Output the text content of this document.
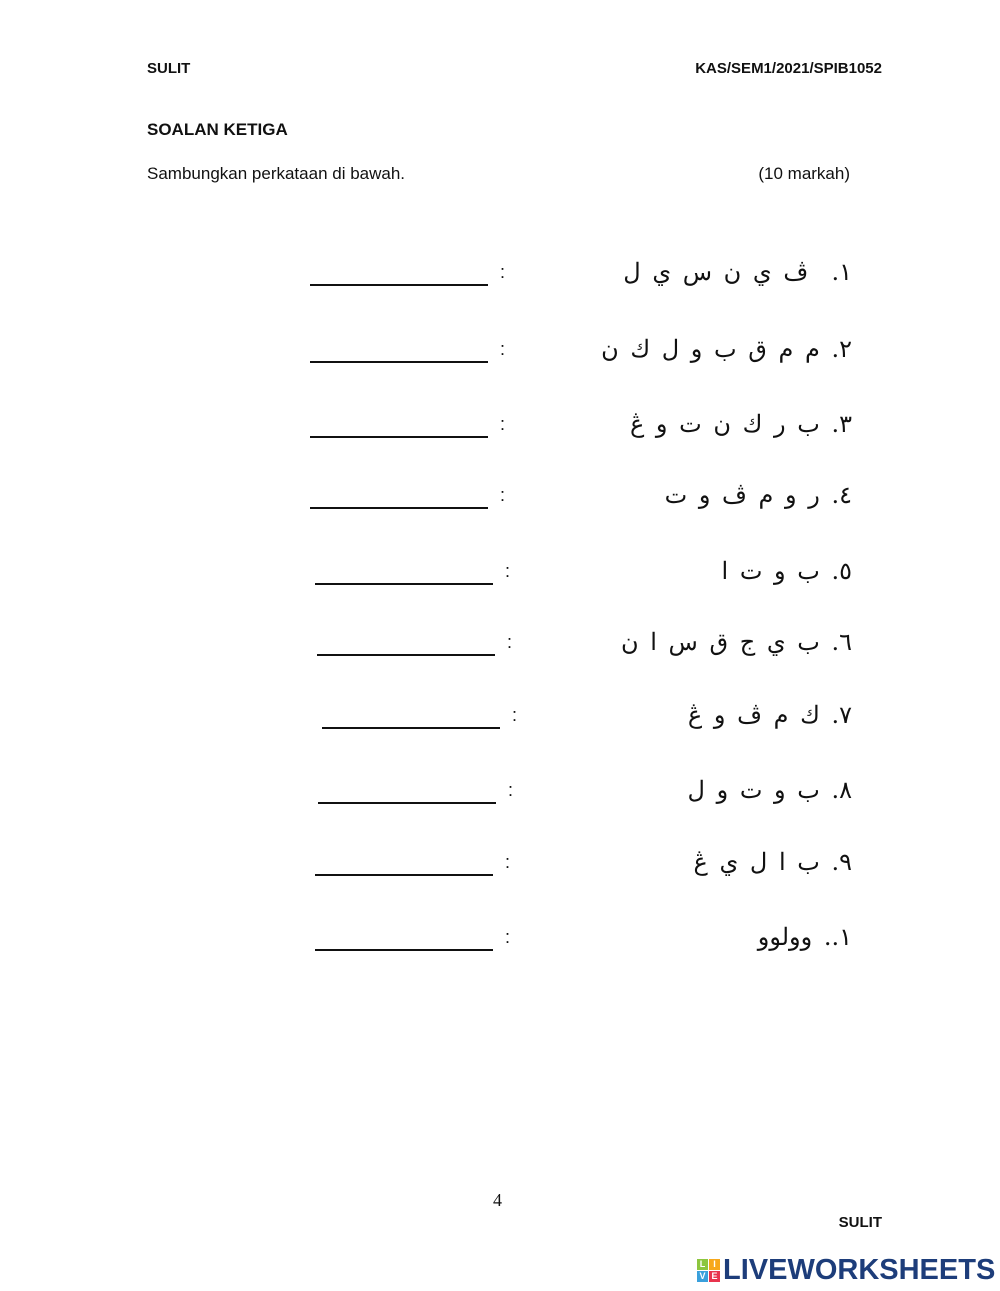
SULIT	KAS/SEM1/2021/SPIB1052
SOALAN KETIGA
Sambungkan perkataan di bawah.	(10 markah)
:	١.  ڤ ي ن س ي ل
:	٢. م م ق ب و ل ك ن
:	٣. ب ر ك ن ت و ڠ
:	٤. ر و م ڤ و ت
:	٥. ب و ت ا
:	٦. ب ي ج ق س ا ن
:	٧. ك م ڤ و ڠ
:	٨. ب و ت و ل
:	٩. ب ا ل ي ڠ
:	١.. وولوو
4
SULIT
L I
V E LIVEWORKSHEETS
